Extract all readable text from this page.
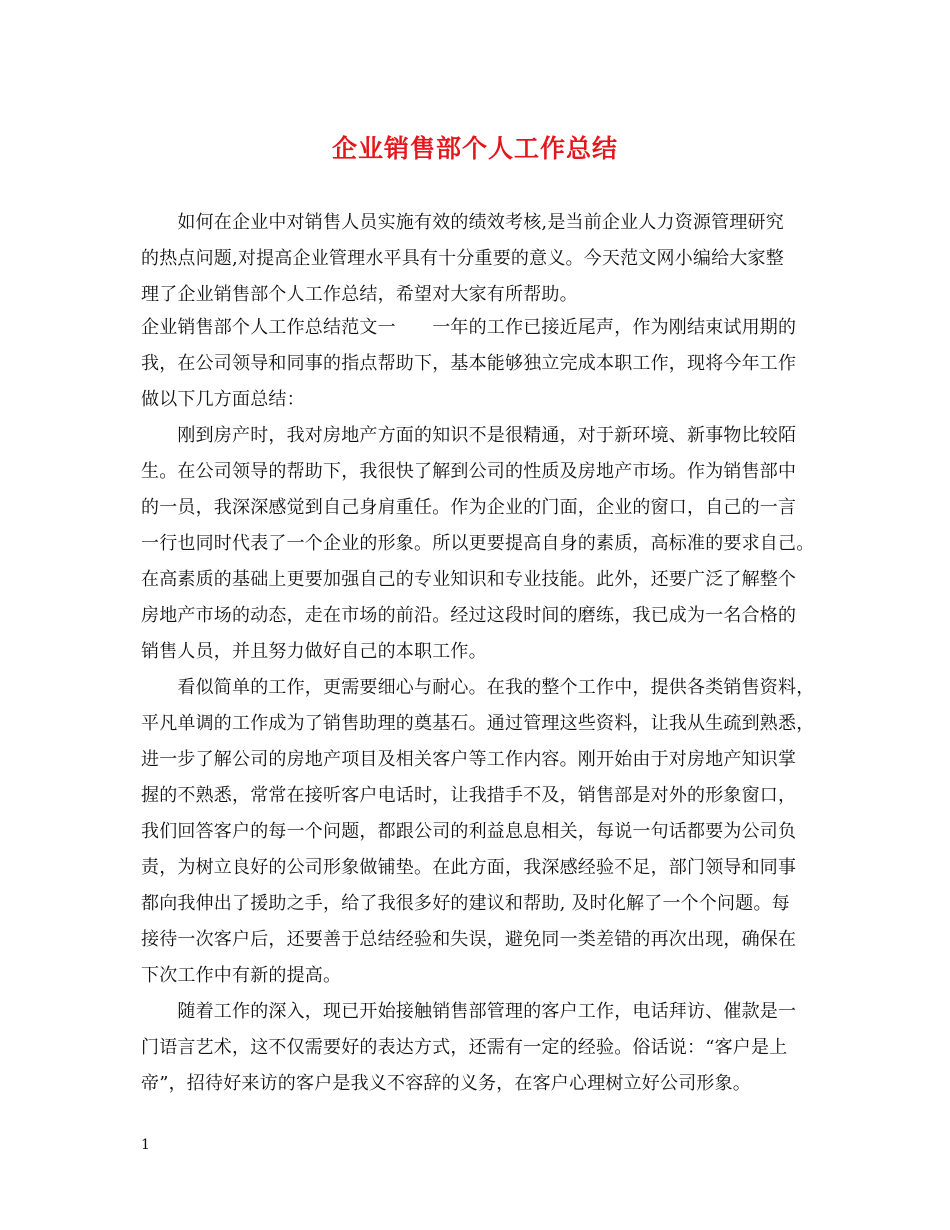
企业销售部个人工作总结
　　如何在企业中对销售人员实施有效的绩效考核,是当前企业人力资源管理研究
的热点问题,对提高企业管理水平具有十分重要的意义。今天范文网小编给大家整
理了企业销售部个人工作总结，希望对大家有所帮助。
企业销售部个人工作总结范文一　　一年的工作已接近尾声，作为刚结束试用期的
我，在公司领导和同事的指点帮助下，基本能够独立完成本职工作，现将今年工作
做以下几方面总结：
　　刚到房产时，我对房地产方面的知识不是很精通，对于新环境、新事物比较陌
生。在公司领导的帮助下，我很快了解到公司的性质及房地产市场。作为销售部中
的一员，我深深感觉到自己身肩重任。作为企业的门面，企业的窗口，自己的一言
一行也同时代表了一个企业的形象。所以更要提高自身的素质，高标准的要求自己。
在高素质的基础上更要加强自己的专业知识和专业技能。此外，还要广泛了解整个
房地产市场的动态，走在市场的前沿。经过这段时间的磨练，我已成为一名合格的
销售人员，并且努力做好自己的本职工作。
　　看似简单的工作，更需要细心与耐心。在我的整个工作中，提供各类销售资料，
平凡单调的工作成为了销售助理的奠基石。通过管理这些资料，让我从生疏到熟悉，
进一步了解公司的房地产项目及相关客户等工作内容。刚开始由于对房地产知识掌
握的不熟悉，常常在接听客户电话时，让我措手不及，销售部是对外的形象窗口，
我们回答客户的每一个问题，都跟公司的利益息息相关，每说一句话都要为公司负
责，为树立良好的公司形象做铺垫。在此方面，我深感经验不足，部门领导和同事
都向我伸出了援助之手，给了我很多好的建议和帮助, 及时化解了一个个问题。每
接待一次客户后，还要善于总结经验和失误，避免同一类差错的再次出现，确保在
下次工作中有新的提高。
　　随着工作的深入，现已开始接触销售部管理的客户工作，电话拜访、催款是一
门语言艺术，这不仅需要好的表达方式，还需有一定的经验。俗话说：“客户是上
帝”，招待好来访的客户是我义不容辞的义务，在客户心理树立好公司形象。
1
